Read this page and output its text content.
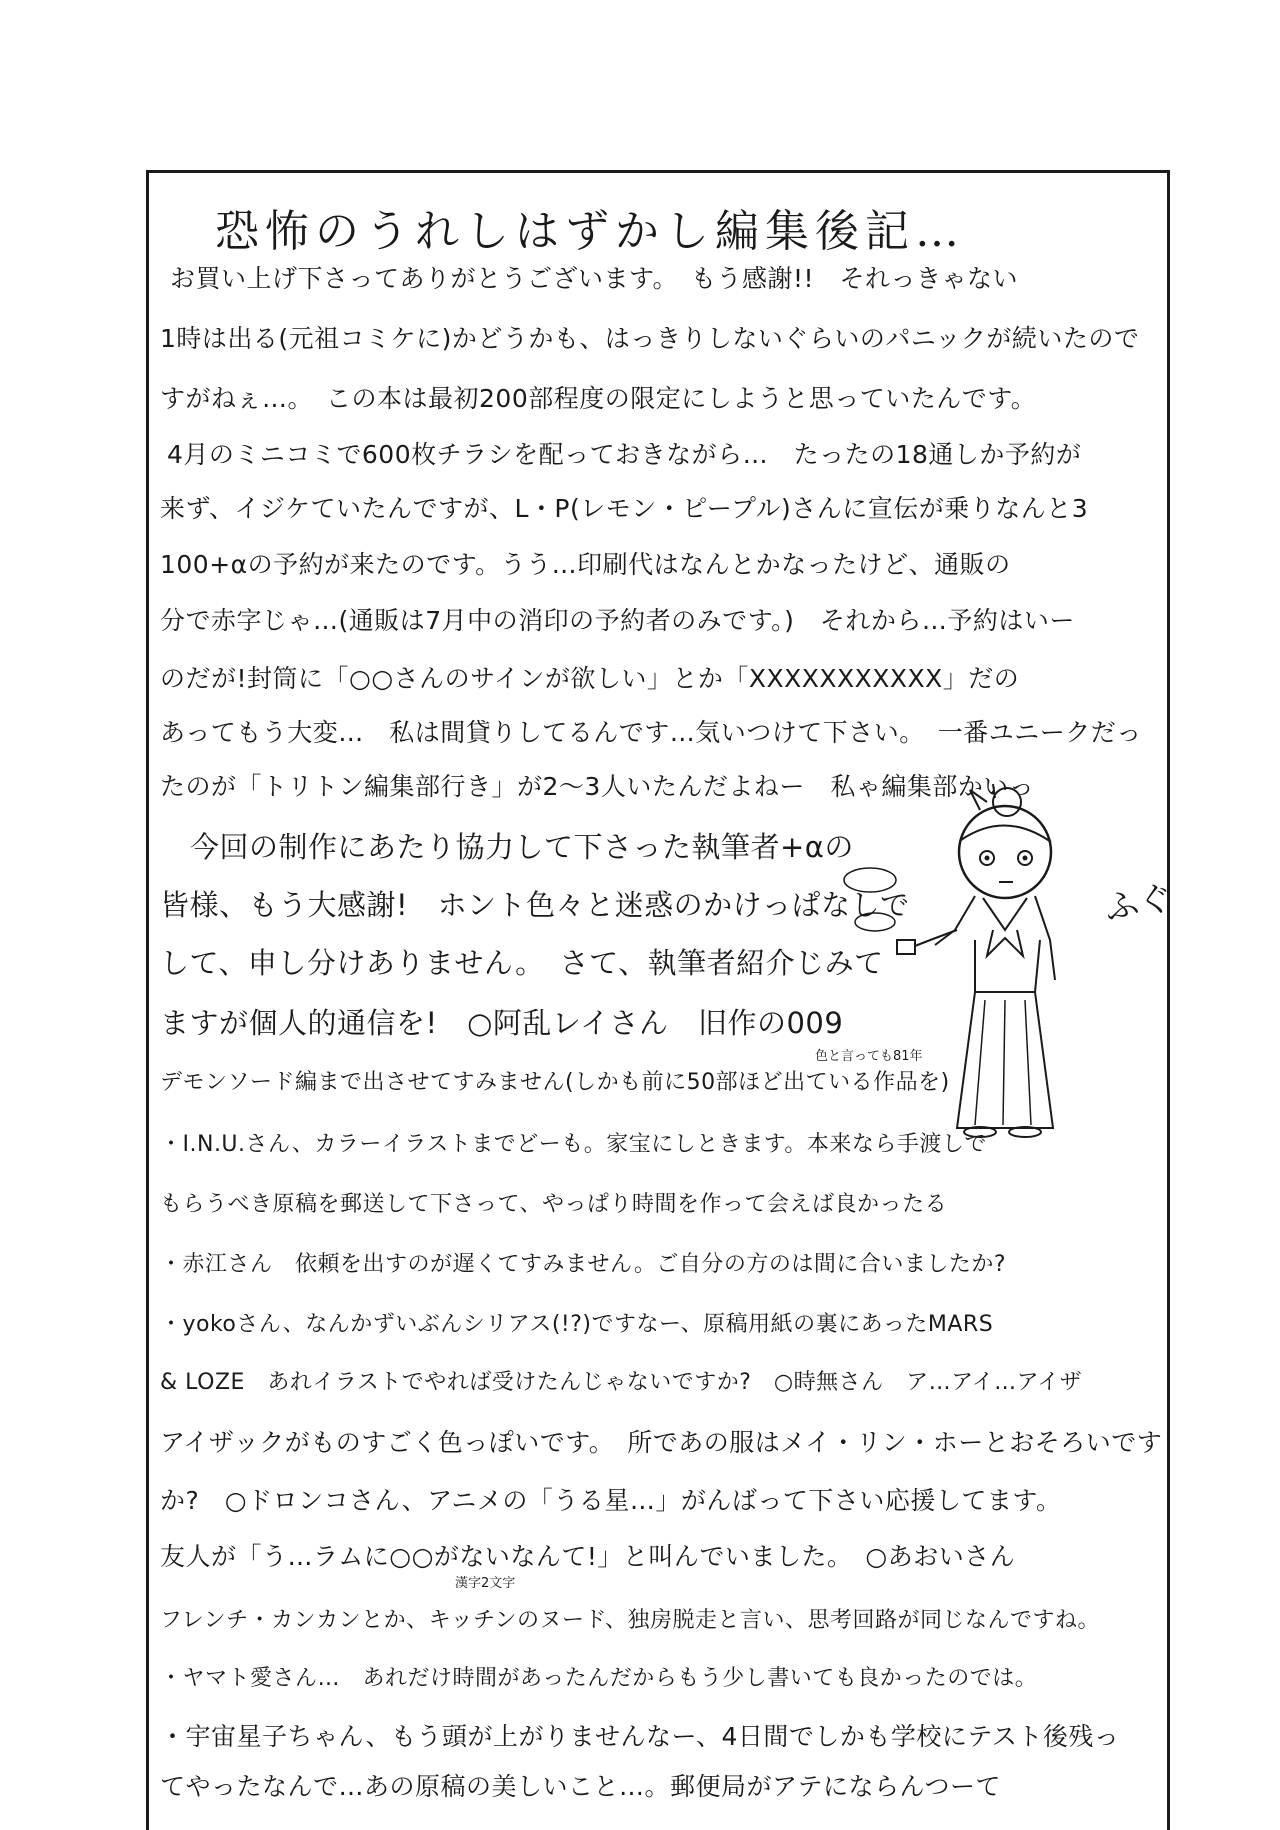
恐怖のうれしはずかし編集後記…
お買い上げ下さってありがとうございます。　もう感謝!!　それっきゃない
1時は出る(元祖コミケに)かどうかも、はっきりしないぐらいのパニックが続いたので
すがねぇ…。　この本は最初200部程度の限定にしようと思っていたんです。
4月のミニコミで600枚チラシを配っておきながら…　たったの18通しか予約が
来ず、イジケていたんですが、L・P(レモン・ピープル)さんに宣伝が乗りなんと3
100+αの予約が来たのです。うう…印刷代はなんとかなったけど、通販の
分で赤字じゃ…(通販は7月中の消印の予約者のみです。)　それから…予約はいー
のだが!封筒に「○○さんのサインが欲しい」とか「XXXXXXXXXXX」だの
あってもう大変…　私は間貸りしてるんです…気いつけて下さい。　一番ユニークだっ
たのが「トリトン編集部行き」が2～3人いたんだよねー　私ゃ編集部かいっ
今回の制作にあたり協力して下さった執筆者+αの
皆様、もう大感謝!　ホント色々と迷惑のかけっぱなしで
して、申し分けありません。　さて、執筆者紹介じみて
ますが個人的通信を!　○阿乱レイさん　旧作の009
色と言っても81年
デモンソード編まで出させてすみません(しかも前に50部ほど出ている作品を)
・I.N.U.さん、カラーイラストまでどーも。家宝にしときます。本来なら手渡しで
もらうべき原稿を郵送して下さって、やっぱり時間を作って会えば良かったる
・赤江さん　依頼を出すのが遅くてすみません。ご自分の方のは間に合いましたか?
・yokoさん、なんかずいぶんシリアス(!?)ですなー、原稿用紙の裏にあったMARS
& LOZE　あれイラストでやれば受けたんじゃないですか?　○時無さん　ア…アイ…アイザ
アイザックがものすごく色っぽいです。　所であの服はメイ・リン・ホーとおそろいです
か?　○ドロンコさん、アニメの「うる星…」がんばって下さい応援してます。
友人が「う…ラムに○○がないなんて!」と叫んでいました。　○あおいさん
漢字2文字
フレンチ・カンカンとか、キッチンのヌード、独房脱走と言い、思考回路が同じなんですね。
・ヤマト愛さん…　あれだけ時間があったんだからもう少し書いても良かったのでは。
・宇宙星子ちゃん、もう頭が上がりませんなー、4日間でしかも学校にテスト後残っ
てやったなんで…あの原稿の美しいこと…。郵便局がアテにならんつーて
ふぐ
